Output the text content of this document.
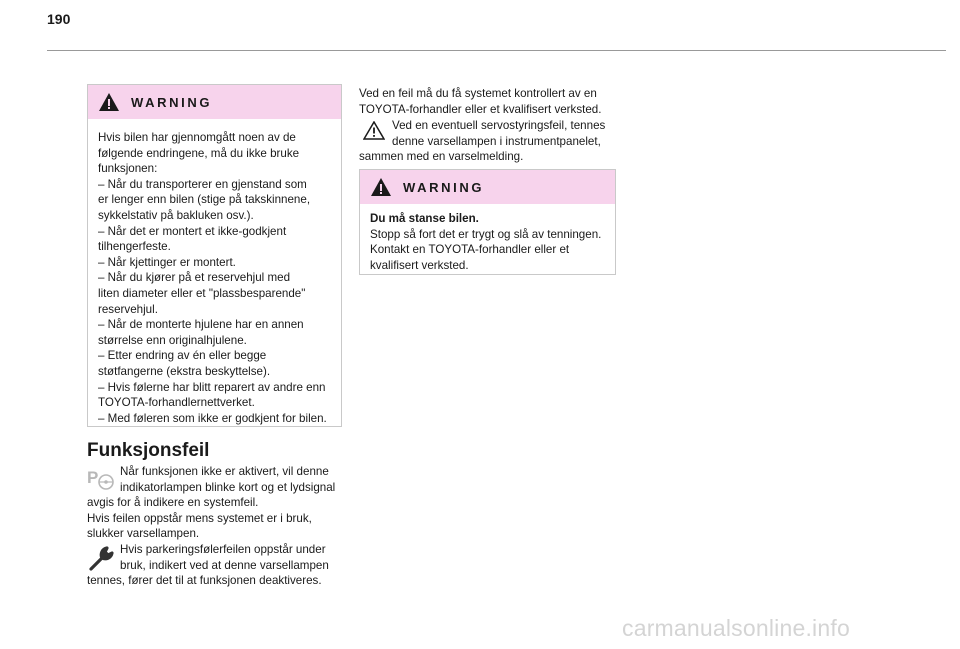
190
WARNING

Hvis bilen har gjennomgått noen av de

følgende endringene, må du ikke bruke

funksjonen:

– Når du transporterer en gjenstand som

er lenger enn bilen (stige på takskinnene,

sykkelstativ på bakluken osv.).

– Når det er montert et ikke-godkjent

tilhengerfeste.

– Når kjettinger er montert.

– Når du kjører på et reservehjul med

liten diameter eller et "plassbesparende"

reservehjul.

– Når de monterte hjulene har en annen

størrelse enn originalhjulene.

– Etter endring av én eller begge

støtfangerne (ekstra beskyttelse).

– Hvis følerne har blitt reparert av andre enn

TOYOTA-forhandlernettverket.

– Med føleren som ikke er godkjent for bilen.

Funksjonsfeil
P	Når funksjonen ikke er aktivert, vil denne

indikatorlampen blinke kort og et lydsignal

avgis for å indikere en systemfeil.

Hvis feilen oppstår mens systemet er i bruk,

slukker varsellampen.

Hvis parkeringsfølerfeilen oppstår under

bruk, indikert ved at denne varsellampen

tennes, fører det til at funksjonen deaktiveres.

Ved en feil må du få systemet kontrollert av en

TOYOTA-forhandler eller et kvalifisert verksted.

Ved en eventuell servostyringsfeil, tennes

denne varsellampen i instrumentpanelet,

sammen med en varselmelding.

WARNING

Du må stanse bilen.

Stopp så fort det er trygt og slå av tenningen.

Kontakt en TOYOTA-forhandler eller et

kvalifisert verksted.

carmanualsonline.info
